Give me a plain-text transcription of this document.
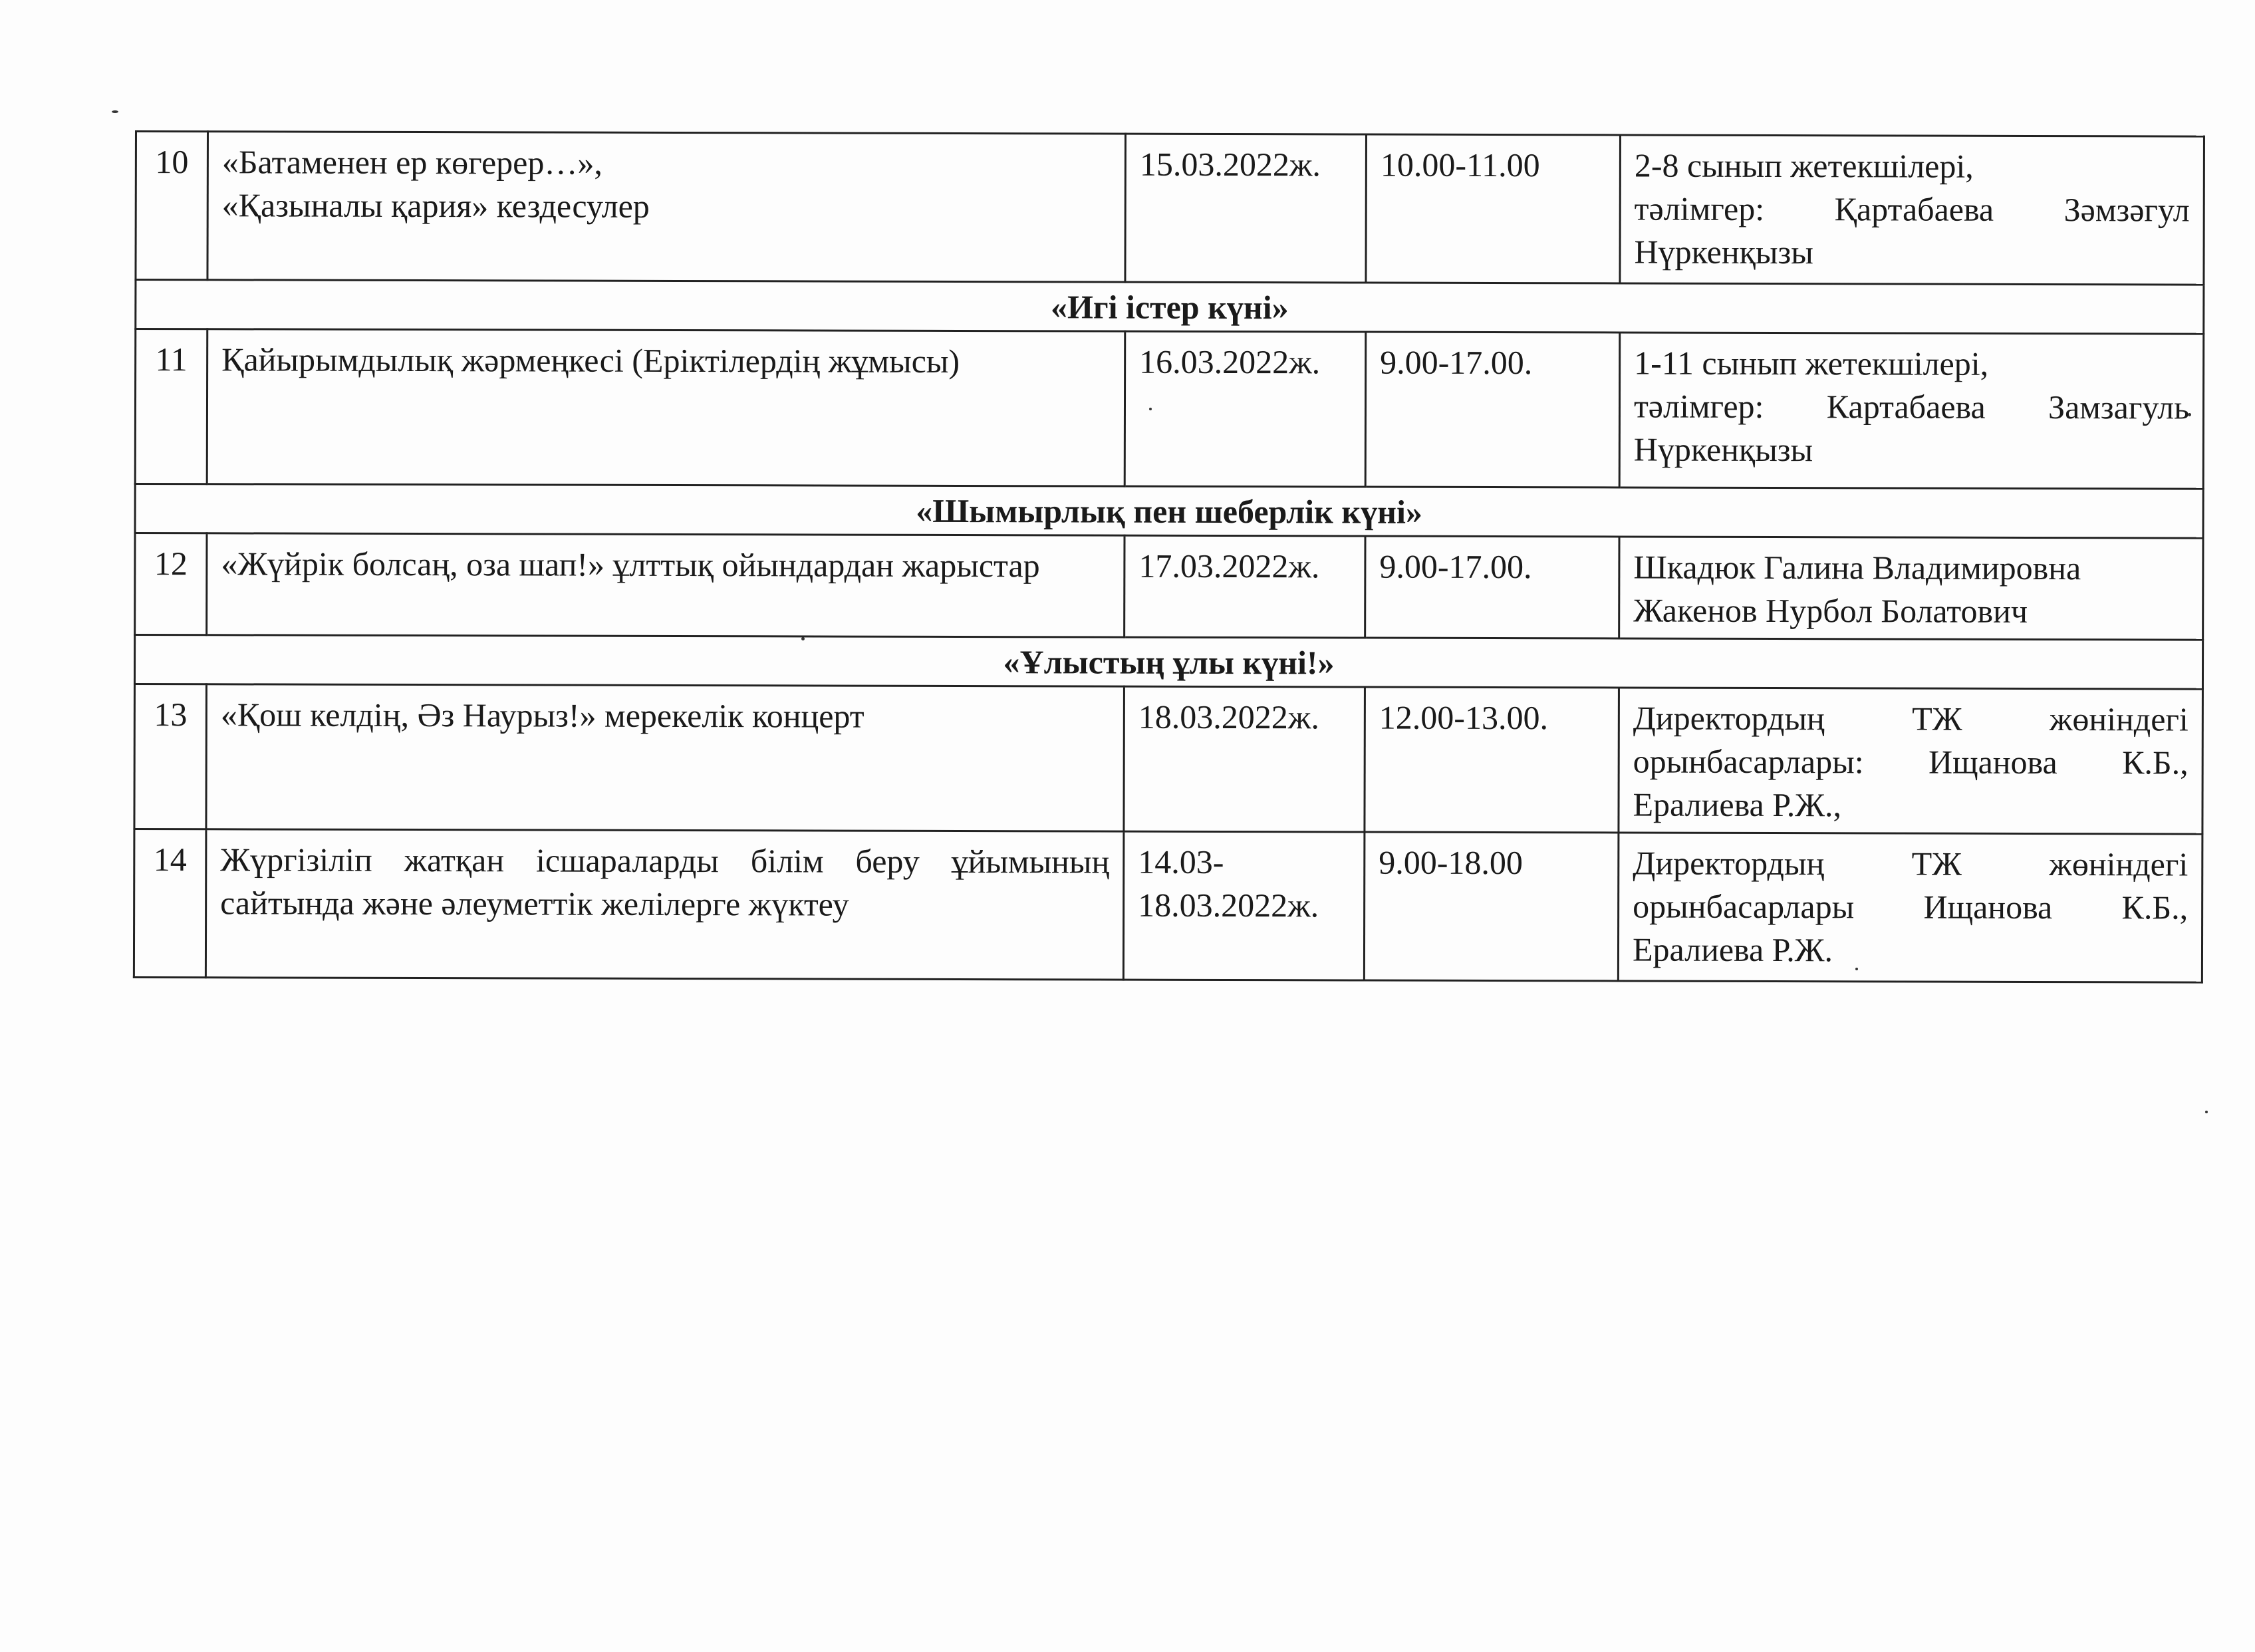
10	«Батаменен ер көгерер…»,
«Қазыналы қария» кездесулер	15.03.2022ж.	10.00-11.00	2-8 сынып жетекшілері,
тәлімгер: Қартабаева Зәмзәгул Нүркенқызы

«Игі істер күні»				
11	Қайырымдылық жәрмеңкесі (Еріктілердің жұмысы)	16.03.2022ж.	9.00-17.00.	1-11 сынып жетекшілері,
тәлімгер: Картабаева Замзагуль Нүркенқызы

«Шымырлық пен шеберлік күні»				
12	«Жүйрік болсаң, оза шап!» ұлттық ойындардан жарыстар	17.03.2022ж.	9.00-17.00.	Шкадюк Галина Владимировна
Жакенов Нурбол Болатович

«Ұлыстың ұлы күні!»				
13	«Қош келдің, Әз Наурыз!» мерекелік концерт	18.03.2022ж.	12.00-13.00.	Директордың ТЖ жөніндегі орынбасарлары: Ищанова К.Б., Ералиева Р.Ж.,

14	Жүргізіліп жатқан ісшараларды білім беру ұйымының сайтында және әлеуметтік желілерге жүктеу	14.03-18.03.2022ж.	9.00-18.00	Директордың ТЖ жөніндегі орынбасарлары Ищанова К.Б., Ералиева Р.Ж.
